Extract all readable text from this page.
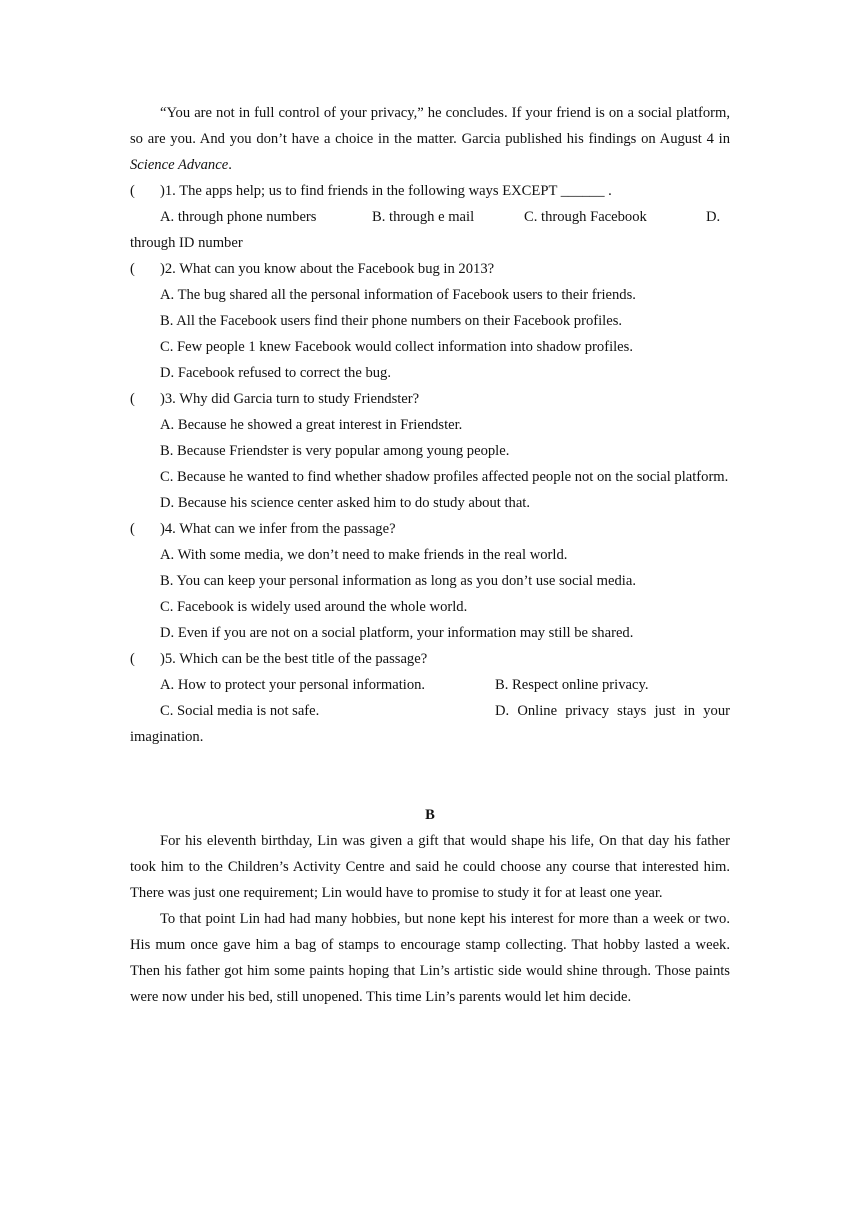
“You are not in full control of your privacy,” he concludes. If your friend is on a social platform, so are you. And you don’t have a choice in the matter. Garcia published his findings on August 4 in Science Advance.

( )1. The apps help; us to find friends in the following ways EXCEPT ______ .

A. through phone numbers	B. through e mail	C. through Facebook	D.

through ID number

( )2. What can you know about the Facebook bug in 2013?

A. The bug shared all the personal information of Facebook users to their friends.

B. All the Facebook users find their phone numbers on their Facebook profiles.

C. Few people 1 knew Facebook would collect information into shadow profiles.

D. Facebook refused to correct the bug.

( )3. Why did Garcia turn to study Friendster?

A. Because he showed a great interest in Friendster.

B. Because Friendster is very popular among young people.

C. Because he wanted to find whether shadow profiles affected people not on the social platform.

D. Because his science center asked him to do study about that.

( )4. What can we infer from the passage?

A. With some media, we don’t need to make friends in the real world.

B. You can keep your personal information as long as you don’t use social media.

C. Facebook is widely used around the whole world.

D. Even if you are not on a social platform, your information may still be shared.

( )5. Which can be the best title of the passage?

A. How to protect your personal information.	B. Respect online privacy.
C. Social media is not safe.	D. Online privacy stays just in your

imagination.

B

For his eleventh birthday, Lin was given a gift that would shape his life, On that day his father took him to the Children’s Activity Centre and said he could choose any course that interested him. There was just one requirement; Lin would have to promise to study it for at least one year.

To that point Lin had had many hobbies, but none kept his interest for more than a week or two. His mum once gave him a bag of stamps to encourage stamp collecting. That hobby lasted a week. Then his father got him some paints hoping that Lin’s artistic side would shine through. Those paints were now under his bed, still unopened. This time Lin’s parents would let him decide.
